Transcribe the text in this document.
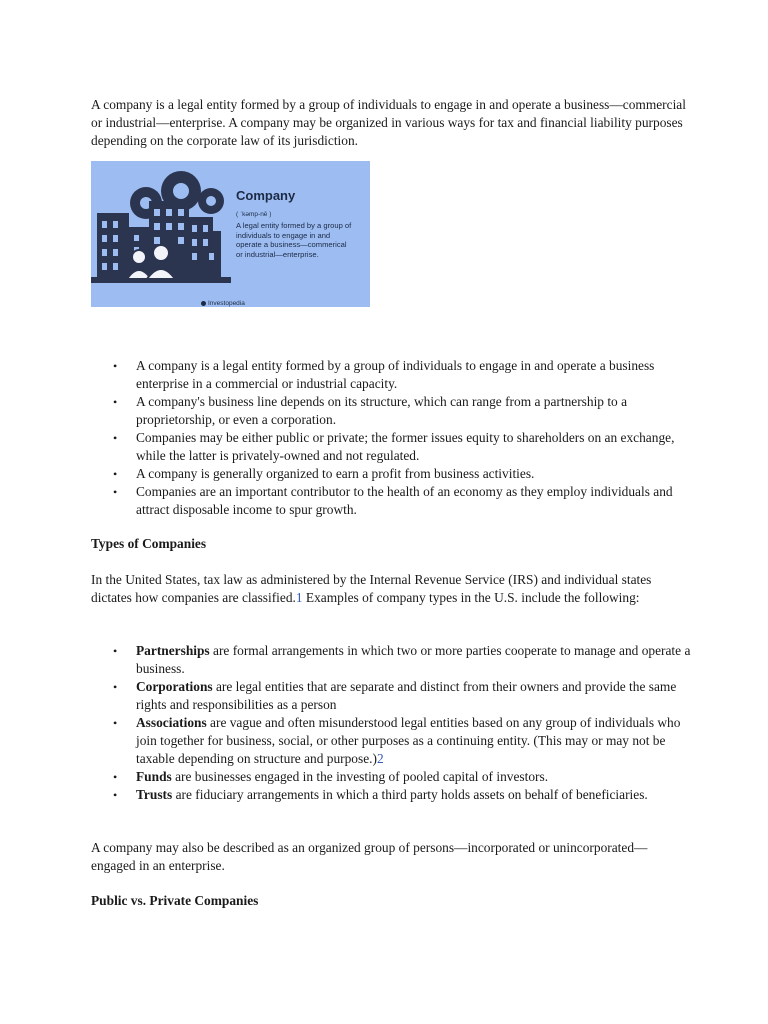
A company is a legal entity formed by a group of individuals to engage in and operate a business—commercial or industrial—enterprise. A company may be organized in various ways for tax and financial liability purposes depending on the corporate law of its jurisdiction.

Company
( ˈkəmp-nē )
A legal entity formed by a group of individuals to engage in and operate a business—commerical or industrial—enterprise.
Investopedia
• A company is a legal entity formed by a group of individuals to engage in and operate a business enterprise in a commercial or industrial capacity.
• A company's business line depends on its structure, which can range from a partnership to a proprietorship, or even a corporation.
• Companies may be either public or private; the former issues equity to shareholders on an exchange, while the latter is privately-owned and not regulated.
• A company is generally organized to earn a profit from business activities.
• Companies are an important contributor to the health of an economy as they employ individuals and attract disposable income to spur growth.
Types of Companies

In the United States, tax law as administered by the Internal Revenue Service (IRS) and individual states dictates how companies are classified.1 Examples of company types in the U.S. include the following:

• Partnerships are formal arrangements in which two or more parties cooperate to manage and operate a business.
• Corporations are legal entities that are separate and distinct from their owners and provide the same rights and responsibilities as a person
• Associations are vague and often misunderstood legal entities based on any group of individuals who join together for business, social, or other purposes as a continuing entity. (This may or may not be taxable depending on structure and purpose.)2
• Funds are businesses engaged in the investing of pooled capital of investors.
• Trusts are fiduciary arrangements in which a third party holds assets on behalf of beneficiaries.

A company may also be described as an organized group of persons—incorporated or unincorporated—engaged in an enterprise.

Public vs. Private Companies
